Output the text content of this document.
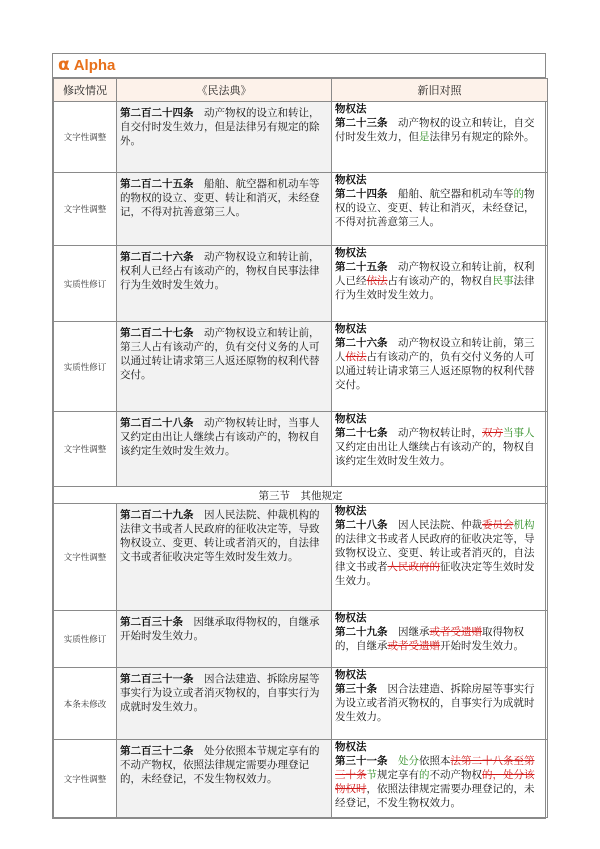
α Alpha
修改情况	《民法典》	新旧对照
文字性调整	第二百二十四条　动产物权的设立和转让，自交付时发生效力，但是法律另有规定的除外。	物权法
第二十三条　动产物权的设立和转让，自交付时发生效力，但是法律另有规定的除外。
文字性调整	第二百二十五条　船舶、航空器和机动车等的物权的设立、变更、转让和消灭，未经登记，不得对抗善意第三人。	物权法
第二十四条　船舶、航空器和机动车等的物权的设立、变更、转让和消灭，未经登记，不得对抗善意第三人。
实质性修订	第二百二十六条　动产物权设立和转让前，权利人已经占有该动产的，物权自民事法律行为生效时发生效力。	物权法
第二十五条　动产物权设立和转让前，权利人已经依法占有该动产的，物权自民事法律行为生效时发生效力。
实质性修订	第二百二十七条　动产物权设立和转让前，第三人占有该动产的，负有交付义务的人可以通过转让请求第三人返还原物的权利代替交付。	物权法
第二十六条　动产物权设立和转让前，第三人依法占有该动产的，负有交付义务的人可以通过转让请求第三人返还原物的权利代替交付。
文字性调整	第二百二十八条　动产物权转让时，当事人又约定由出让人继续占有该动产的，物权自该约定生效时发生效力。	物权法
第二十七条　动产物权转让时，双方当事人又约定由出让人继续占有该动产的，物权自该约定生效时发生效力。
第三节　其他规定		
文字性调整	第二百二十九条　因人民法院、仲裁机构的法律文书或者人民政府的征收决定等，导致物权设立、变更、转让或者消灭的，自法律文书或者征收决定等生效时发生效力。	物权法
第二十八条　因人民法院、仲裁委员会机构的法律文书或者人民政府的征收决定等，导致物权设立、变更、转让或者消灭的，自法律文书或者人民政府的征收决定等生效时发生效力。
实质性修订	第二百三十条　因继承取得物权的，自继承开始时发生效力。	物权法
第二十九条　因继承或者受遗赠取得物权的，自继承或者受遗赠开始时发生效力。
本条未修改	第二百三十一条　因合法建造、拆除房屋等事实行为设立或者消灭物权的，自事实行为成就时发生效力。	物权法
第三十条　因合法建造、拆除房屋等事实行为设立或者消灭物权的，自事实行为成就时发生效力。
文字性调整	第二百三十二条　处分依照本节规定享有的不动产物权，依照法律规定需要办理登记的，未经登记，不发生物权效力。	物权法
第三十一条　处分依照本法第二十八条至第三十条节规定享有的不动产物权的，处分该物权时，依照法律规定需要办理登记的，未经登记，不发生物权效力。
